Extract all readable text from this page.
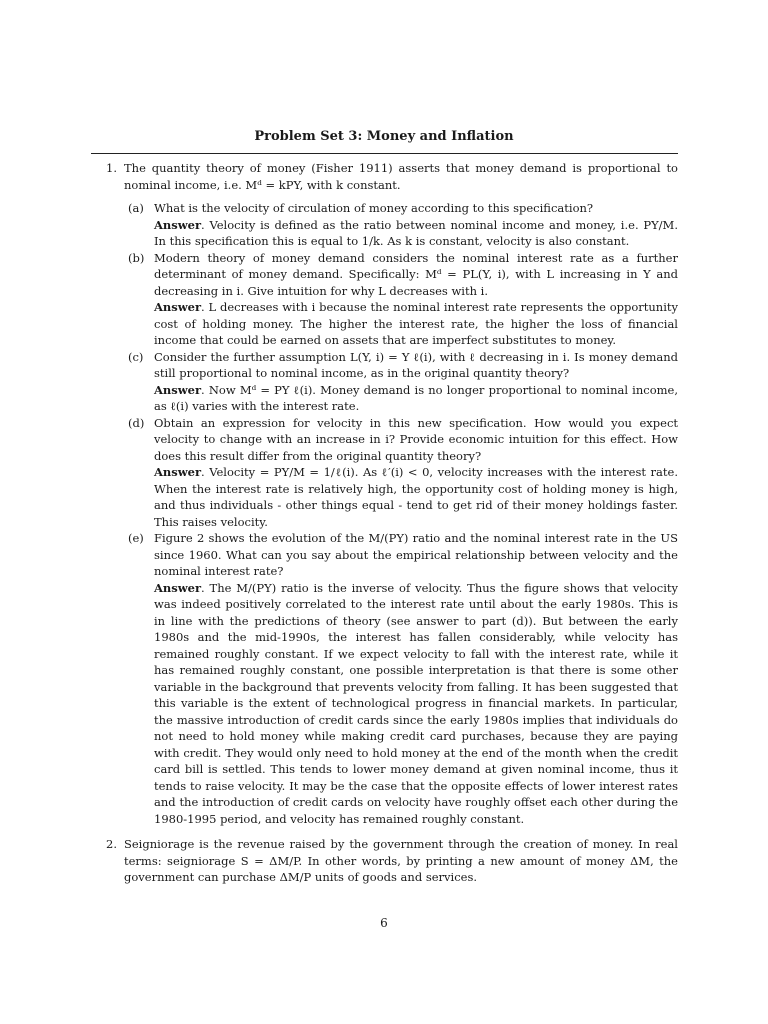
Problem Set 3: Money and Inflation
1. The quantity theory of money (Fisher 1911) asserts that money demand is proportional to nominal income, i.e. Mᵈ = kPY, with k constant.
(a) What is the velocity of circulation of money according to this specification?
Answer. Velocity is defined as the ratio between nominal income and money, i.e. PY/M. In this specification this is equal to 1/k. As k is constant, velocity is also constant.
(b) Modern theory of money demand considers the nominal interest rate as a further determinant of money demand. Specifically: Mᵈ = PL(Y, i), with L increasing in Y and decreasing in i. Give intuition for why L decreases with i.
Answer. L decreases with i because the nominal interest rate represents the opportunity cost of holding money. The higher the interest rate, the higher the loss of financial income that could be earned on assets that are imperfect substitutes to money.
(c) Consider the further assumption L(Y, i) = Y ℓ(i), with ℓ decreasing in i. Is money demand still proportional to nominal income, as in the original quantity theory?
Answer. Now Mᵈ = PY ℓ(i). Money demand is no longer proportional to nominal income, as ℓ(i) varies with the interest rate.
(d) Obtain an expression for velocity in this new specification. How would you expect velocity to change with an increase in i? Provide economic intuition for this effect. How does this result differ from the original quantity theory?
Answer. Velocity = PY/M = 1/ℓ(i). As ℓ′(i) < 0, velocity increases with the interest rate. When the interest rate is relatively high, the opportunity cost of holding money is high, and thus individuals - other things equal - tend to get rid of their money holdings faster. This raises velocity.
(e) Figure 2 shows the evolution of the M/(PY) ratio and the nominal interest rate in the US since 1960. What can you say about the empirical relationship between velocity and the nominal interest rate?
Answer. The M/(PY) ratio is the inverse of velocity. Thus the figure shows that velocity was indeed positively correlated to the interest rate until about the early 1980s. This is in line with the predictions of theory (see answer to part (d)). But between the early 1980s and the mid-1990s, the interest has fallen considerably, while velocity has remained roughly constant. If we expect velocity to fall with the interest rate, while it has remained roughly constant, one possible interpretation is that there is some other variable in the background that prevents velocity from falling. It has been suggested that this variable is the extent of technological progress in financial markets. In particular, the massive introduction of credit cards since the early 1980s implies that individuals do not need to hold money while making credit card purchases, because they are paying with credit. They would only need to hold money at the end of the month when the credit card bill is settled. This tends to lower money demand at given nominal income, thus it tends to raise velocity. It may be the case that the opposite effects of lower interest rates and the introduction of credit cards on velocity have roughly offset each other during the 1980-1995 period, and velocity has remained roughly constant.
2. Seigniorage is the revenue raised by the government through the creation of money. In real terms: seigniorage S = ΔM/P. In other words, by printing a new amount of money ΔM, the government can purchase ΔM/P units of goods and services.
6
